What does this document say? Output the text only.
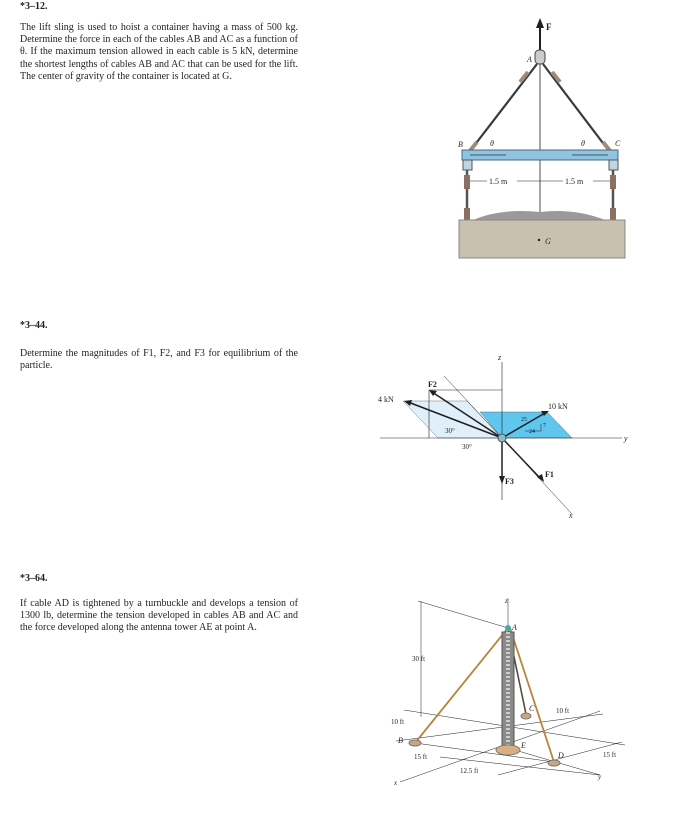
*3–12.
The lift sling is used to hoist a container having a mass of 500 kg. Determine the force in each of the cables AB and AC as a function of θ. If the maximum tension allowed in each cable is 5 kN, determine the shortest lengths of cables AB and AC that can be used for the lift. The center of gravity of the container is located at G.
*3–44.
Determine the magnitudes of F1, F2, and F3 for equilibrium of the particle.
*3–64.
If cable AD is tightened by a turnbuckle and develops a tension of 1300 lb, determine the tension developed in cables AB and AC and the force developed along the antenna tower AE at point A.
F
A
B	C
θ	θ
1.5 m	1.5 m
G
z
y
x
F2
F1
F3
4 kN
10 kN
30°
30°
25
7
24
z
A
B
C
D
E
x
y
30 ft
10 ft
15 ft
12.5 ft
10 ft
15 ft
